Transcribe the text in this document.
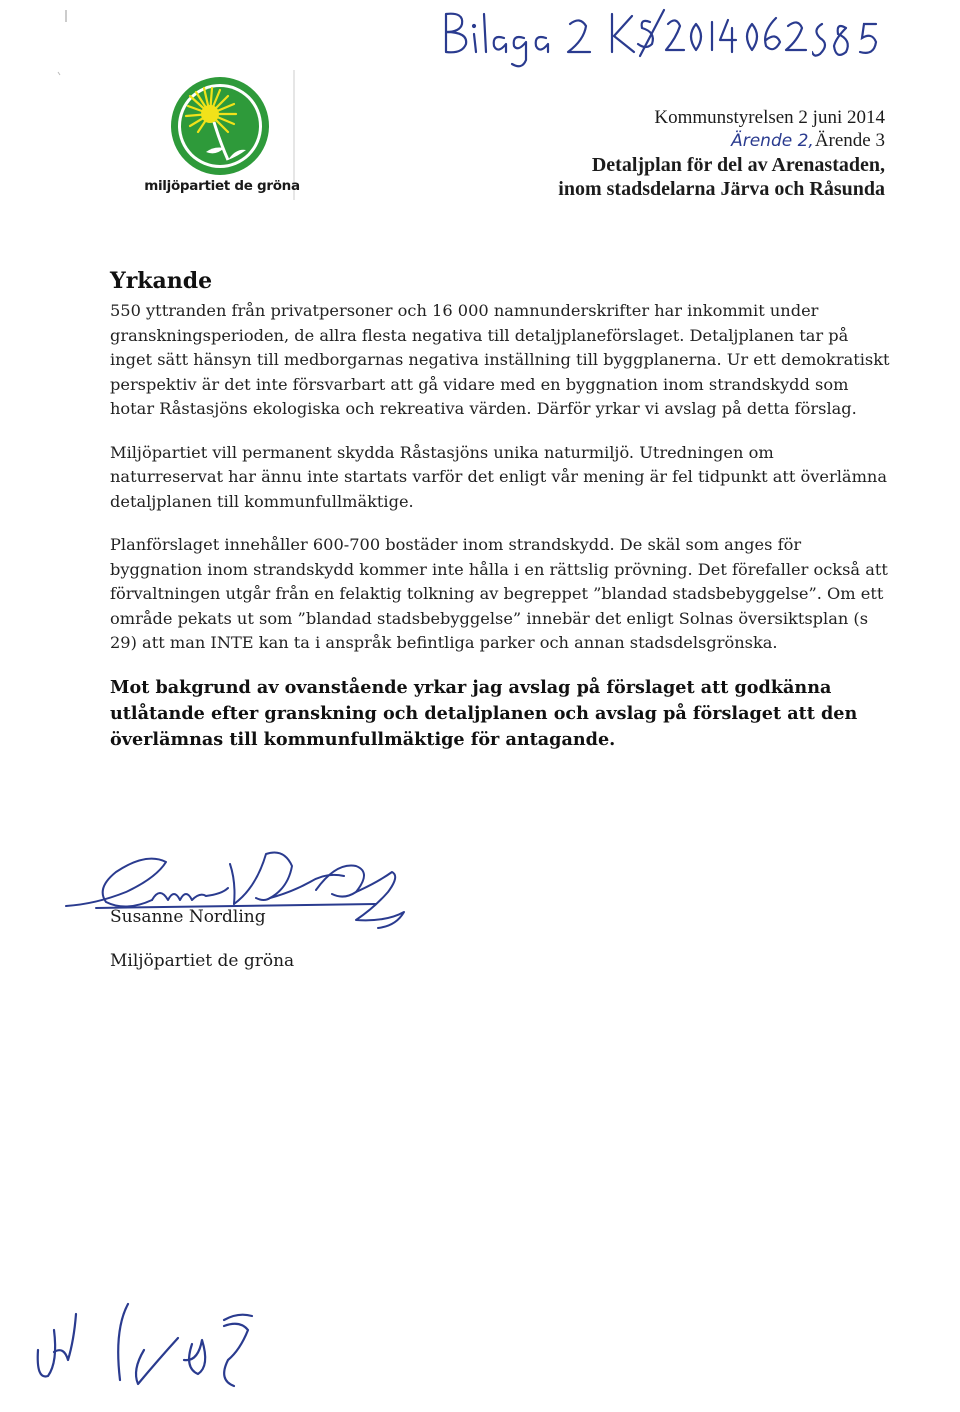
miljöpartiet de gröna
Kommunstyrelsen 2 juni 2014
Ärende 2,Ärende 3
Detaljplan för del av Arenastaden,
inom stadsdelarna Järva och Råsunda
Yrkande

550 yttranden från privatpersoner och 16 000 namnunderskrifter har inkommit under granskningsperioden, de allra flesta negativa till detaljplaneförslaget. Detaljplanen tar på inget sätt hänsyn till medborgarnas negativa inställning till byggplanerna. Ur ett demokratiskt perspektiv är det inte försvarbart att gå vidare med en byggnation inom strandskydd som hotar Råstasjöns ekologiska och rekreativa värden. Därför yrkar vi avslag på detta förslag.

Miljöpartiet vill permanent skydda Råstasjöns unika naturmiljö. Utredningen om naturreservat har ännu inte startats varför det enligt vår mening är fel tidpunkt att överlämna detaljplanen till kommunfullmäktige.

Planförslaget innehåller 600-700 bostäder inom strandskydd. De skäl som anges för byggnation inom strandskydd kommer inte hålla i en rättslig prövning. Det förefaller också att förvaltningen utgår från en felaktig tolkning av begreppet ”blandad stadsbebyggelse”. Om ett område pekats ut som ”blandad stadsbebyggelse” innebär det enligt Solnas översiktsplan (s 29) att man INTE kan ta i anspråk befintliga parker och annan stadsdelsgrönska.

Mot bakgrund av ovanstående yrkar jag avslag på förslaget att godkänna utlåtande efter granskning och detaljplanen och avslag på förslaget att den överlämnas till kommunfullmäktige för antagande.

Susanne Nordling
Miljöpartiet de gröna
